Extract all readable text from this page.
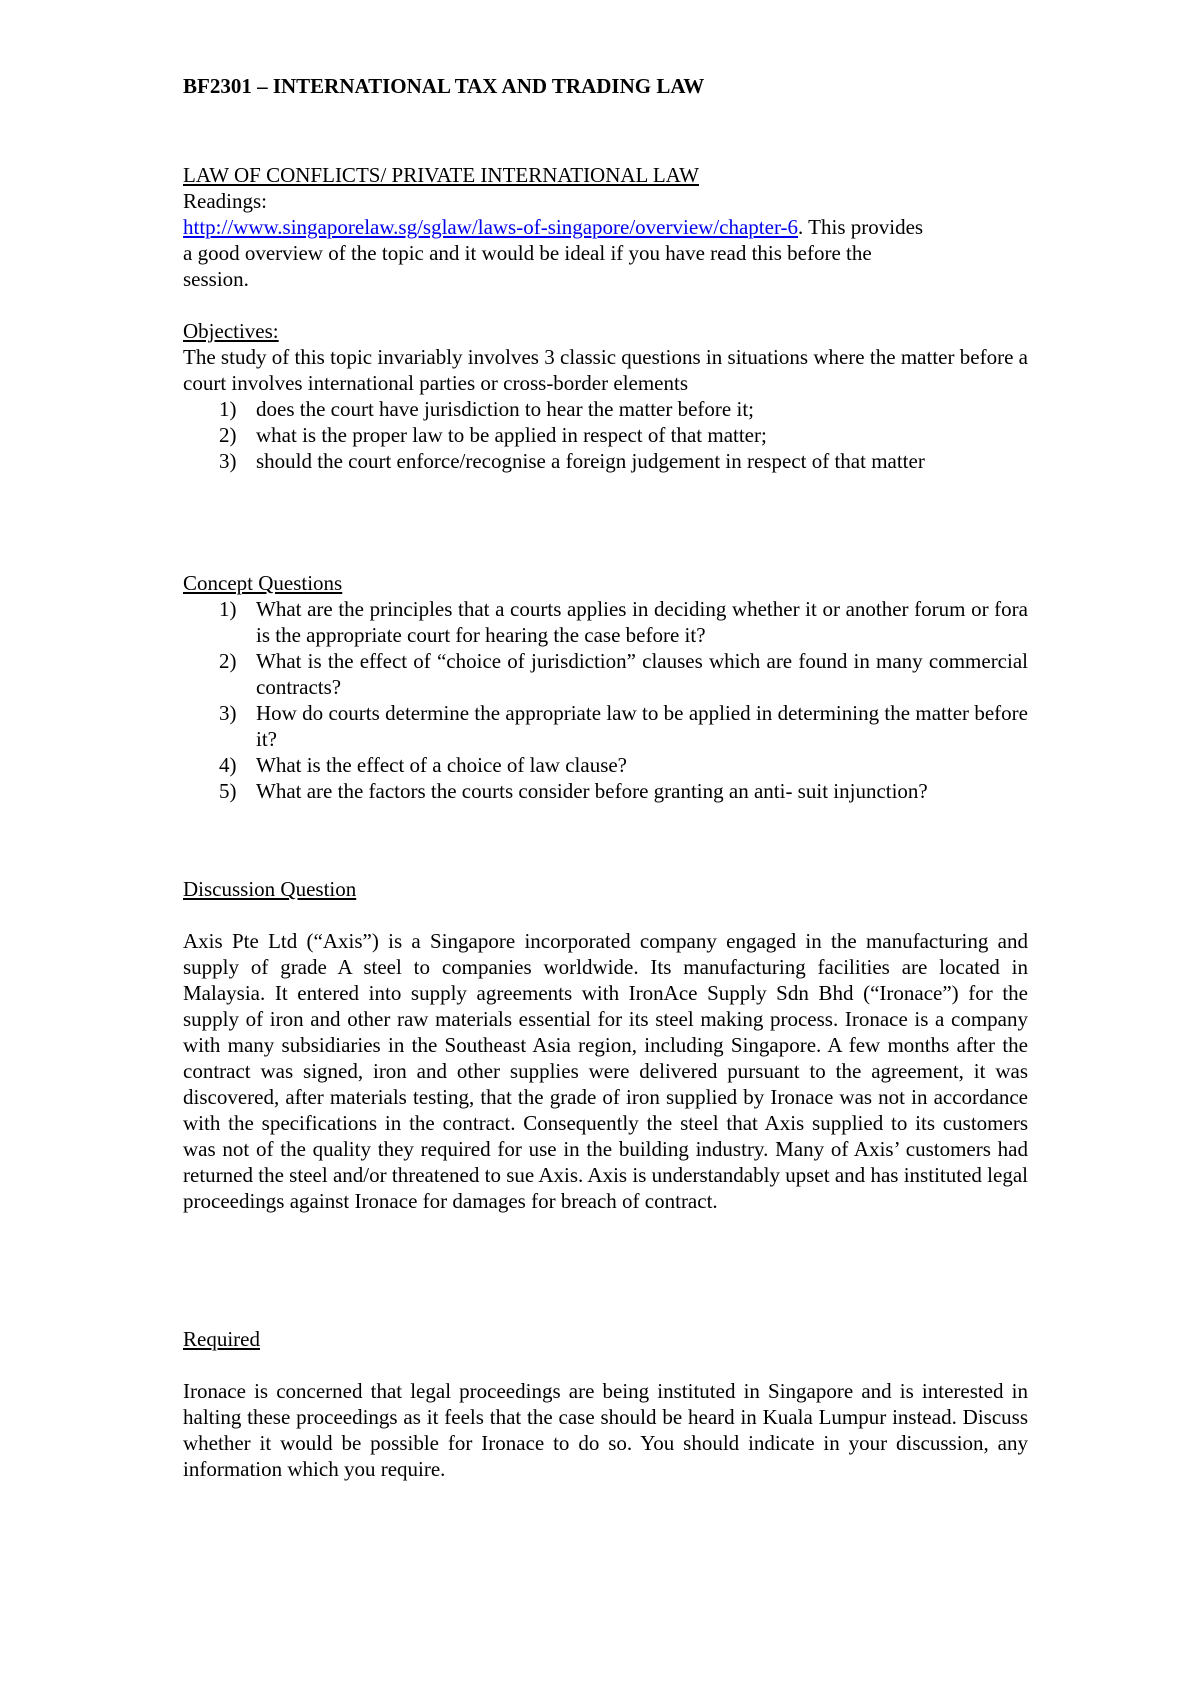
BF2301 – INTERNATIONAL TAX AND TRADING LAW

LAW OF CONFLICTS/ PRIVATE INTERNATIONAL LAW

Readings:

http://www.singaporelaw.sg/sglaw/laws-of-singapore/overview/chapter-6. This provides a good overview of the topic and it would be ideal if you have read this before the session.

Objectives:

The study of this topic invariably involves 3 classic questions in situations where the matter before a court involves international parties or cross-border elements

1) does the court have jurisdiction to hear the matter before it;
2) what is the proper law to be applied in respect of that matter;
3) should the court enforce/recognise a foreign judgement in respect of that matter

Concept Questions

1) What are the principles that a courts applies in deciding whether it or another forum or fora is the appropriate court for hearing the case before it?
2) What is the effect of “choice of jurisdiction” clauses which are found in many commercial contracts?
3) How do courts determine the appropriate law to be applied in determining the matter before it?
4) What is the effect of a choice of law clause?
5) What are the factors the courts consider before granting an anti- suit injunction?

Discussion Question

Axis Pte Ltd (“Axis”) is a Singapore incorporated company engaged in the manufacturing and supply of grade A steel to companies worldwide. Its manufacturing facilities are located in Malaysia. It entered into supply agreements with IronAce Supply Sdn Bhd (“Ironace”) for the supply of iron and other raw materials essential for its steel making process. Ironace is a company with many subsidiaries in the Southeast Asia region, including Singapore. A few months after the contract was signed, iron and other supplies were delivered pursuant to the agreement, it was discovered, after materials testing, that the grade of iron supplied by Ironace was not in accordance with the specifications in the contract. Consequently the steel that Axis supplied to its customers was not of the quality they required for use in the building industry. Many of Axis’ customers had returned the steel and/or threatened to sue Axis. Axis is understandably upset and has instituted legal proceedings against Ironace for damages for breach of contract.

Required

Ironace is concerned that legal proceedings are being instituted in Singapore and is interested in halting these proceedings as it feels that the case should be heard in Kuala Lumpur instead. Discuss whether it would be possible for Ironace to do so. You should indicate in your discussion, any information which you require.
